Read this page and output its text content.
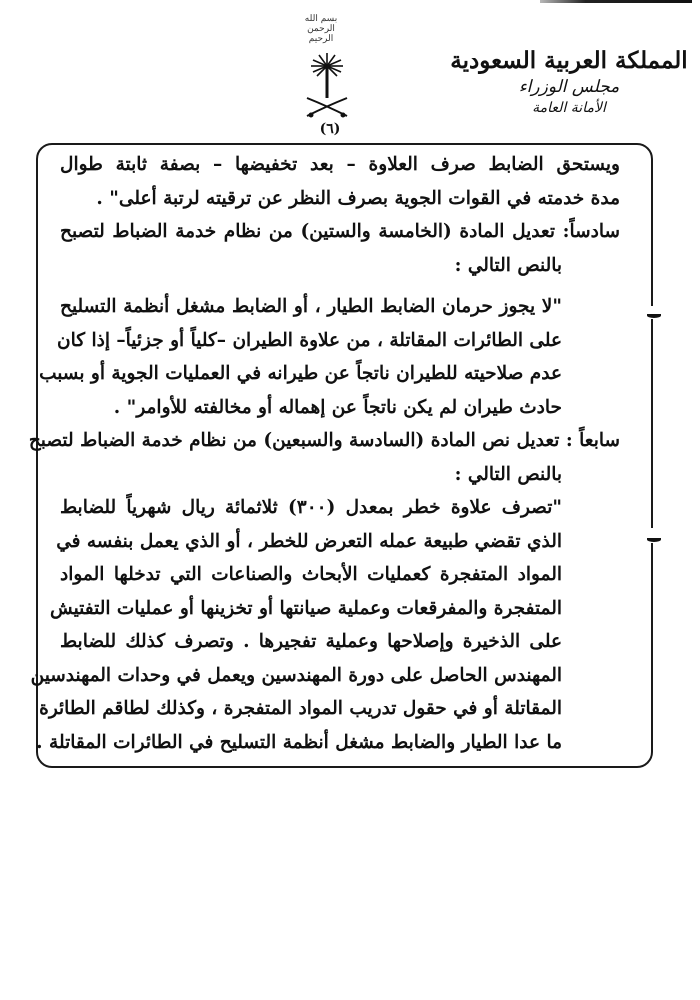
بسم الله الرحمن الرحيم
(٦)
المملكة العربية السعودية
مجلس الوزراء
الأمانة العامة
ويستحق الضابط صرف العلاوة – بعد تخفيضها – بصفة ثابتة طوال
مدة خدمته في القوات الجوية بصرف النظر عن ترقيته لرتبة أعلى" .
سادساً: تعديل المادة (الخامسة والستين) من نظام خدمة الضباط لتصبح
بالنص التالي :
"لا يجوز حرمان الضابط الطيار ، أو الضابط مشغل أنظمة التسليح
على الطائرات المقاتلة ، من علاوة الطيران –كلياً أو جزئياً– إذا كان
عدم صلاحيته للطيران ناتجاً عن طيرانه في العمليات الجوية أو بسبب
حادث طيران لم يكن ناتجاً عن إهماله أو مخالفته للأوامر" .
سابعاً : تعديل نص المادة (السادسة والسبعين) من نظام خدمة الضباط لتصبح
بالنص التالي :
"تصرف علاوة خطر بمعدل (٣٠٠) ثلاثمائة ريال شهرياً للضابط
الذي تقضي طبيعة عمله التعرض للخطر ، أو الذي يعمل بنفسه في
المواد المتفجرة كعمليات الأبحاث والصناعات التي تدخلها المواد
المتفجرة والمفرقعات وعملية صيانتها أو تخزينها أو عمليات التفتيش
على الذخيرة وإصلاحها وعملية تفجيرها . وتصرف كذلك للضابط
المهندس الحاصل على دورة المهندسين ويعمل في وحدات المهندسين
المقاتلة أو في حقول تدريب المواد المتفجرة ، وكذلك لطاقم الطائرة
ما عدا الطيار والضابط مشغل أنظمة التسليح في الطائرات المقاتلة .
